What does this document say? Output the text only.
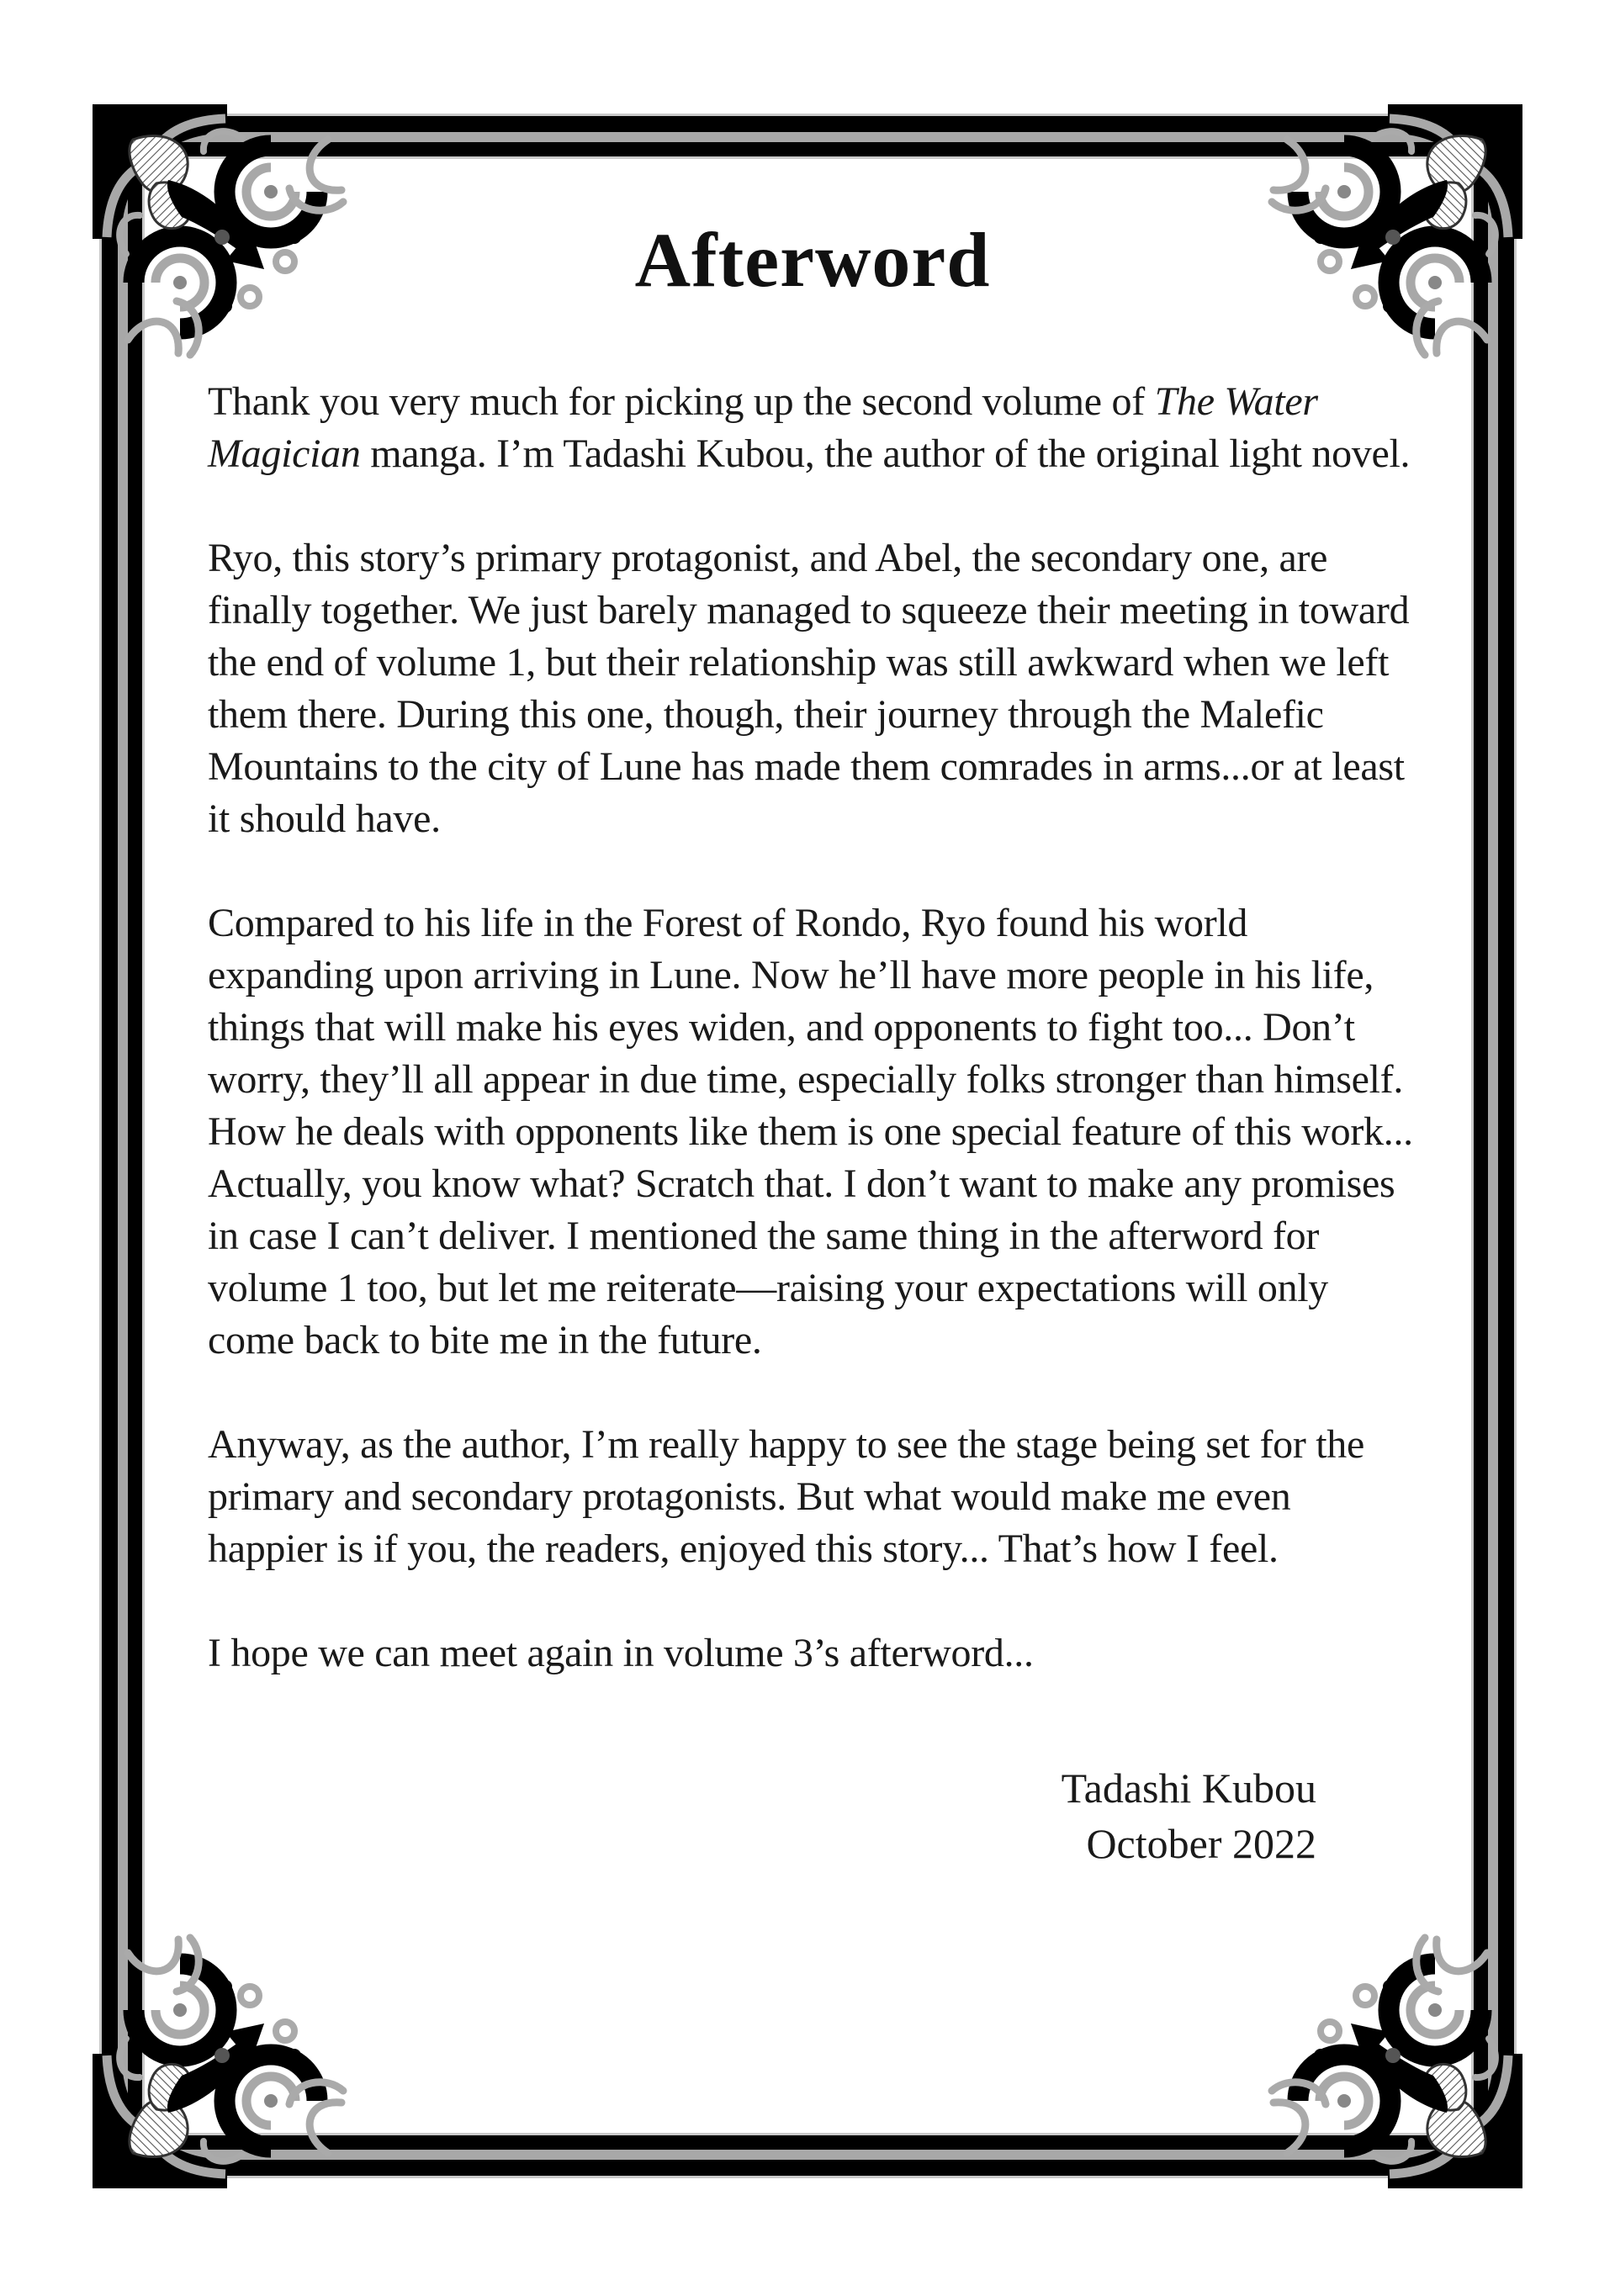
Afterword

Thank you very much for picking up the second volume of The Water Magician manga. I’m Tadashi Kubou, the author of the original light novel.

Ryo, this story’s primary protagonist, and Abel, the secondary one, are finally together. We just barely managed to squeeze their meeting in toward the end of volume 1, but their relationship was still awkward when we left them there. During this one, though, their journey through the Malefic Mountains to the city of Lune has made them comrades in arms...or at least it should have.

Compared to his life in the Forest of Rondo, Ryo found his world expanding upon arriving in Lune. Now he’ll have more people in his life, things that will make his eyes widen, and opponents to fight too... Don’t worry, they’ll all appear in due time, especially folks stronger than himself. How he deals with opponents like them is one special feature of this work... Actually, you know what? Scratch that. I don’t want to make any promises in case I can’t deliver. I mentioned the same thing in the afterword for volume 1 too, but let me reiterate—raising your expectations will only come back to bite me in the future.

Anyway, as the author, I’m really happy to see the stage being set for the primary and secondary protagonists. But what would make me even happier is if you, the readers, enjoyed this story... That’s how I feel.

I hope we can meet again in volume 3’s afterword...

Tadashi Kubou
October 2022
